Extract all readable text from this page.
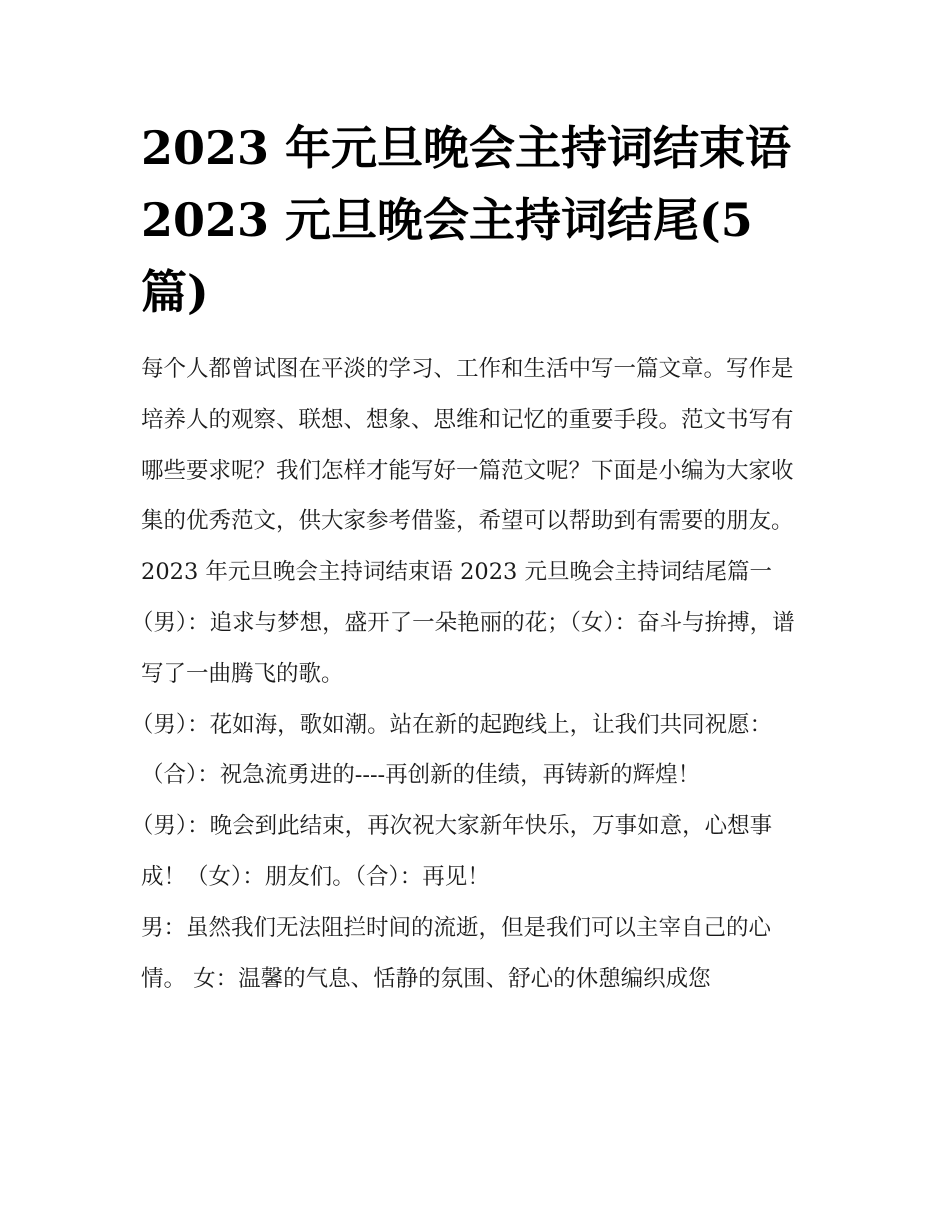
2023 年元旦晚会主持词结束语 2023 元旦晚会主持词结尾(5篇)

每个人都曾试图在平淡的学习、工作和生活中写一篇文章。写作是培养人的观察、联想、想象、思维和记忆的重要手段。范文书写有哪些要求呢？我们怎样才能写好一篇范文呢？下面是小编为大家收集的优秀范文，供大家参考借鉴，希望可以帮助到有需要的朋友。

2023 年元旦晚会主持词结束语 2023 元旦晚会主持词结尾篇一

（男）：追求与梦想，盛开了一朵艳丽的花；（女）：奋斗与拚搏，谱写了一曲腾飞的歌。

（男）：花如海，歌如潮。站在新的起跑线上，让我们共同祝愿：（合）：祝急流勇进的----再创新的佳绩，再铸新的辉煌！

（男）：晚会到此结束，再次祝大家新年快乐，万事如意，心想事成！（女）：朋友们。（合）：再见！

男：虽然我们无法阻拦时间的流逝，但是我们可以主宰自己的心情。 女：温馨的气息、恬静的氛围、舒心的休憩编织成您
